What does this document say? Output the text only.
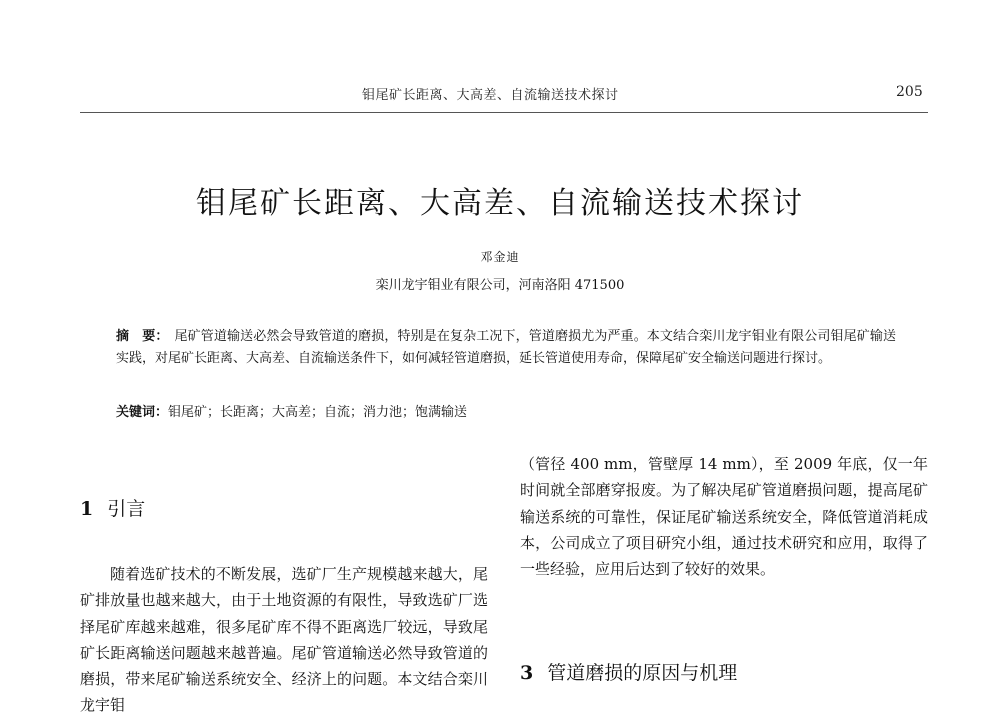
钼尾矿长距离、大高差、自流输送技术探讨	205
钼尾矿长距离、大高差、自流输送技术探讨
邓金迪
栾川龙宇钼业有限公司，河南洛阳 471500
摘　要： 尾矿管道输送必然会导致管道的磨损，特别是在复杂工况下，管道磨损尤为严重。本文结合栾川龙宇钼业有限公司钼尾矿输送实践，对尾矿长距离、大高差、自流输送条件下，如何减轻管道磨损，延长管道使用寿命，保障尾矿安全输送问题进行探讨。
关键词：钼尾矿；长距离；大高差；自流；消力池；饱满输送
1 引言

随着选矿技术的不断发展，选矿厂生产规模越来越大，尾矿排放量也越来越大，由于土地资源的有限性，导致选矿厂选择尾矿库越来越难，很多尾矿库不得不距离选厂较远，导致尾矿长距离输送问题越来越普遍。尾矿管道输送必然导致管道的磨损，带来尾矿输送系统安全、经济上的问题。本文结合栾川龙宇钼

（管径 400 mm，管壁厚 14 mm），至 2009 年底，仅一年时间就全部磨穿报废。为了解决尾矿管道磨损问题，提高尾矿输送系统的可靠性，保证尾矿输送系统安全，降低管道消耗成本，公司成立了项目研究小组，通过技术研究和应用，取得了一些经验，应用后达到了较好的效果。

3 管道磨损的原因与机理
